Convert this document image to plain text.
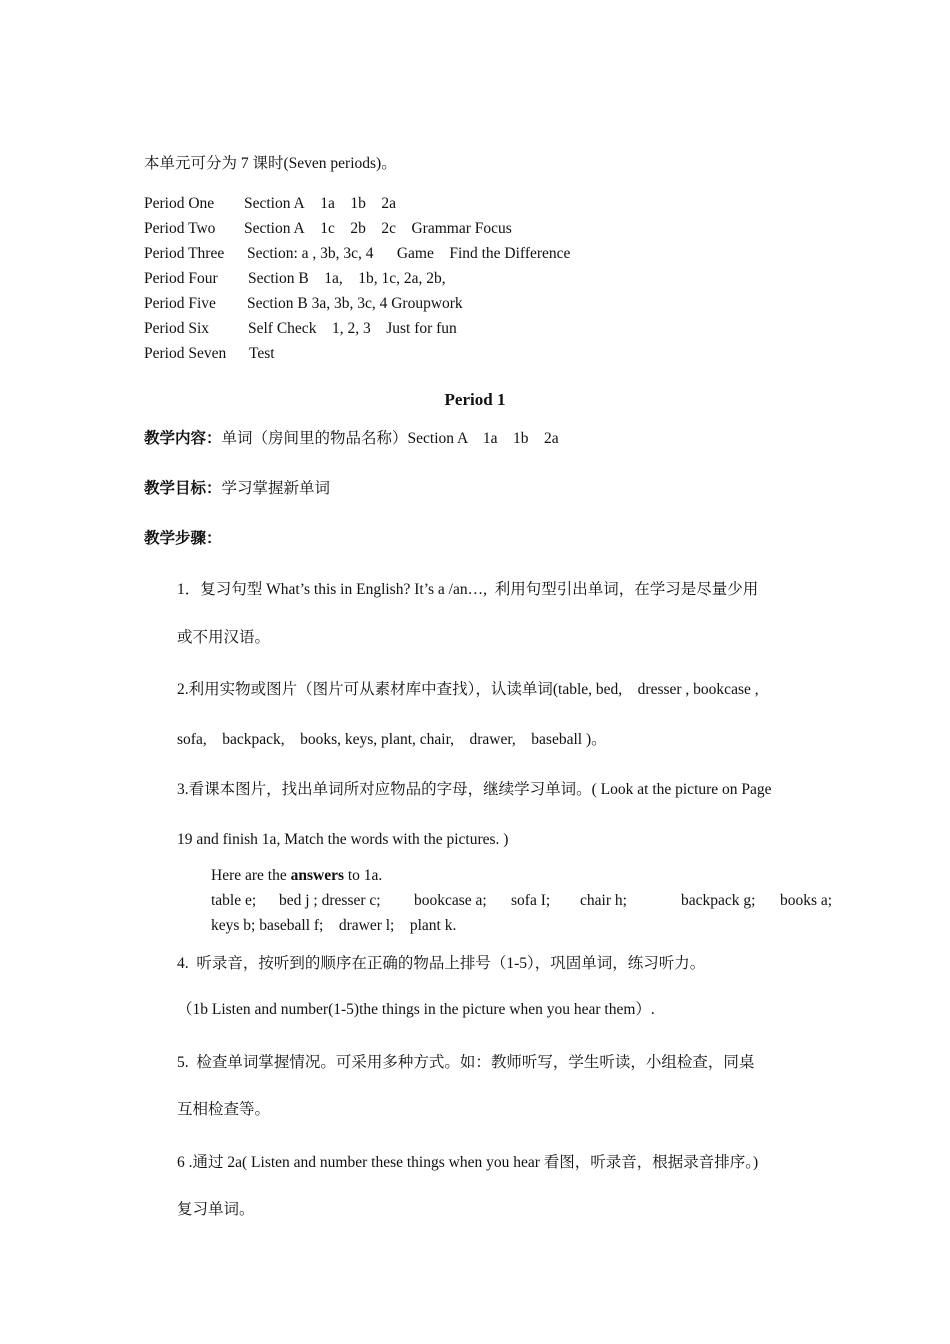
本单元可分为 7 课时(Seven periods)。
Period One Section A 1a    1b    2a
Period Two Section A 1c    2b    2c    Grammar Focus
Period Three Section: a , 3b, 3c, 4 Game    Find the Difference
Period Four Section B 1a,    1b, 1c, 2a, 2b,
Period Five Section B 3a, 3b, 3c, 4 Groupwork
Period Six	Self Check 1, 2, 3    Just for fun
Period Seven Test
Period 1
教学内容：单词（房间里的物品名称）Section A    1a    1b    2a
教学目标：学习掌握新单词
教学步骤：
1．复习句型 What’s this in English? It’s a /an…,  利用句型引出单词，在学习是尽量少用
或不用汉语。
2.利用实物或图片（图片可从素材库中查找），认读单词(table, bed,    dresser , bookcase ,
sofa,    backpack,    books, keys, plant, chair,    drawer,    baseball )。
3.看课本图片，找出单词所对应物品的字母，继续学习单词。( Look at the picture on Page
19 and finish 1a, Match the words with the pictures. )
Here are the answers to 1a.
table e; bed j ; dresser c; bookcase a; sofa I; chair h;	backpack g; books a;
keys b; baseball f;    drawer l;    plant k.
4.  听录音，按听到的顺序在正确的物品上排号（1-5），巩固单词，练习听力。
（1b Listen and number(1-5)the things in the picture when you hear them）.
5.  检查单词掌握情况。可采用多种方式。如：教师听写，学生听读，小组检查，同桌
互相检查等。
6 .通过 2a( Listen and number these things when you hear 看图，听录音，根据录音排序。)
复习单词。
